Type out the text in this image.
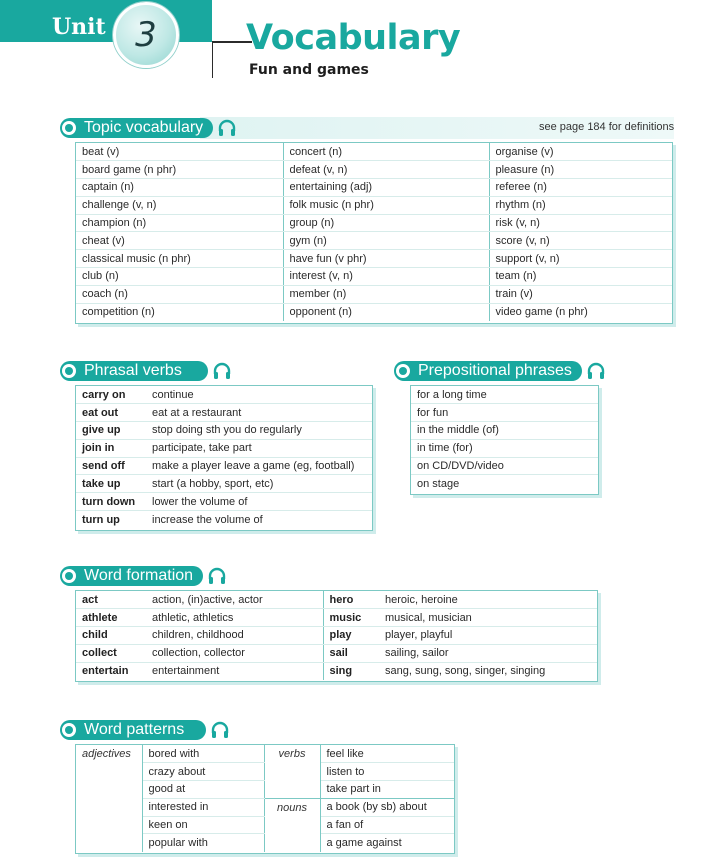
Unit 3	Vocabulary
Fun and games
Topic vocabulary	see page 184 for definitions
beat (v)	concert (n)	organise (v)
board game (n phr)	defeat (v, n)	pleasure (n)
captain (n)	entertaining (adj)	referee (n)
challenge (v, n)	folk music (n phr)	rhythm (n)
champion (n)	group (n)	risk (v, n)
cheat (v)	gym (n)	score (v, n)
classical music (n phr)	have fun (v phr)	support (v, n)
club (n)	interest (v, n)	team (n)
coach (n)	member (n)	train (v)
competition (n)	opponent (n)	video game (n phr)
Phrasal verbs
carry on	continue
eat out	eat at a restaurant
give up	stop doing sth you do regularly
join in	participate, take part
send off	make a player leave a game (eg, football)
take up	start (a hobby, sport, etc)
turn down	lower the volume of
turn up	increase the volume of
Prepositional phrases
for a long time
for fun
in the middle (of)
in time (for)
on CD/DVD/video
on stage
Word formation
act	action, (in)active, actor	hero	heroic, heroine
athlete	athletic, athletics	music	musical, musician
child	children, childhood	play	player, playful
collect	collection, collector	sail	sailing, sailor
entertain	entertainment	sing	sang, sung, song, singer, singing
Word patterns
adjectives	bored with	verbs	feel like
	crazy about		listen to
	good at		take part in
	interested in	nouns	a book (by sb) about
	keen on		a fan of
	popular with		a game against
